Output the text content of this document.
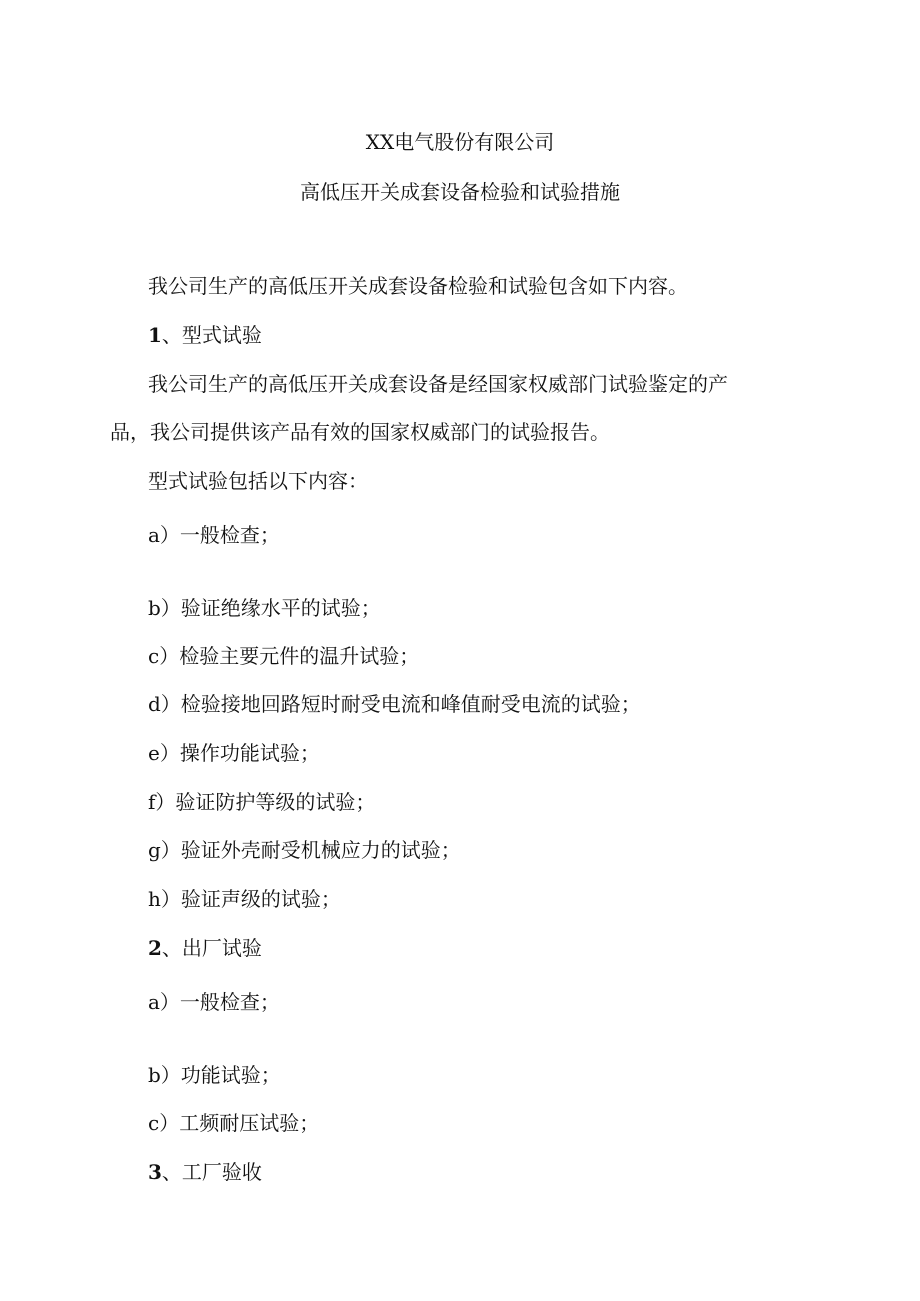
XX电气股份有限公司

高低压开关成套设备检验和试验措施

我公司生产的高低压开关成套设备检验和试验包含如下内容。

1、型式试验

我公司生产的高低压开关成套设备是经国家权威部门试验鉴定的产

品，我公司提供该产品有效的国家权威部门的试验报告。

型式试验包括以下内容：

a）一般检查；

b）验证绝缘水平的试验；

c）检验主要元件的温升试验；

d）检验接地回路短时耐受电流和峰值耐受电流的试验；

e）操作功能试验；

f）验证防护等级的试验；

g）验证外壳耐受机械应力的试验；

h）验证声级的试验；

2、出厂试验

a）一般检查；

b）功能试验；

c）工频耐压试验；

3、工厂验收
